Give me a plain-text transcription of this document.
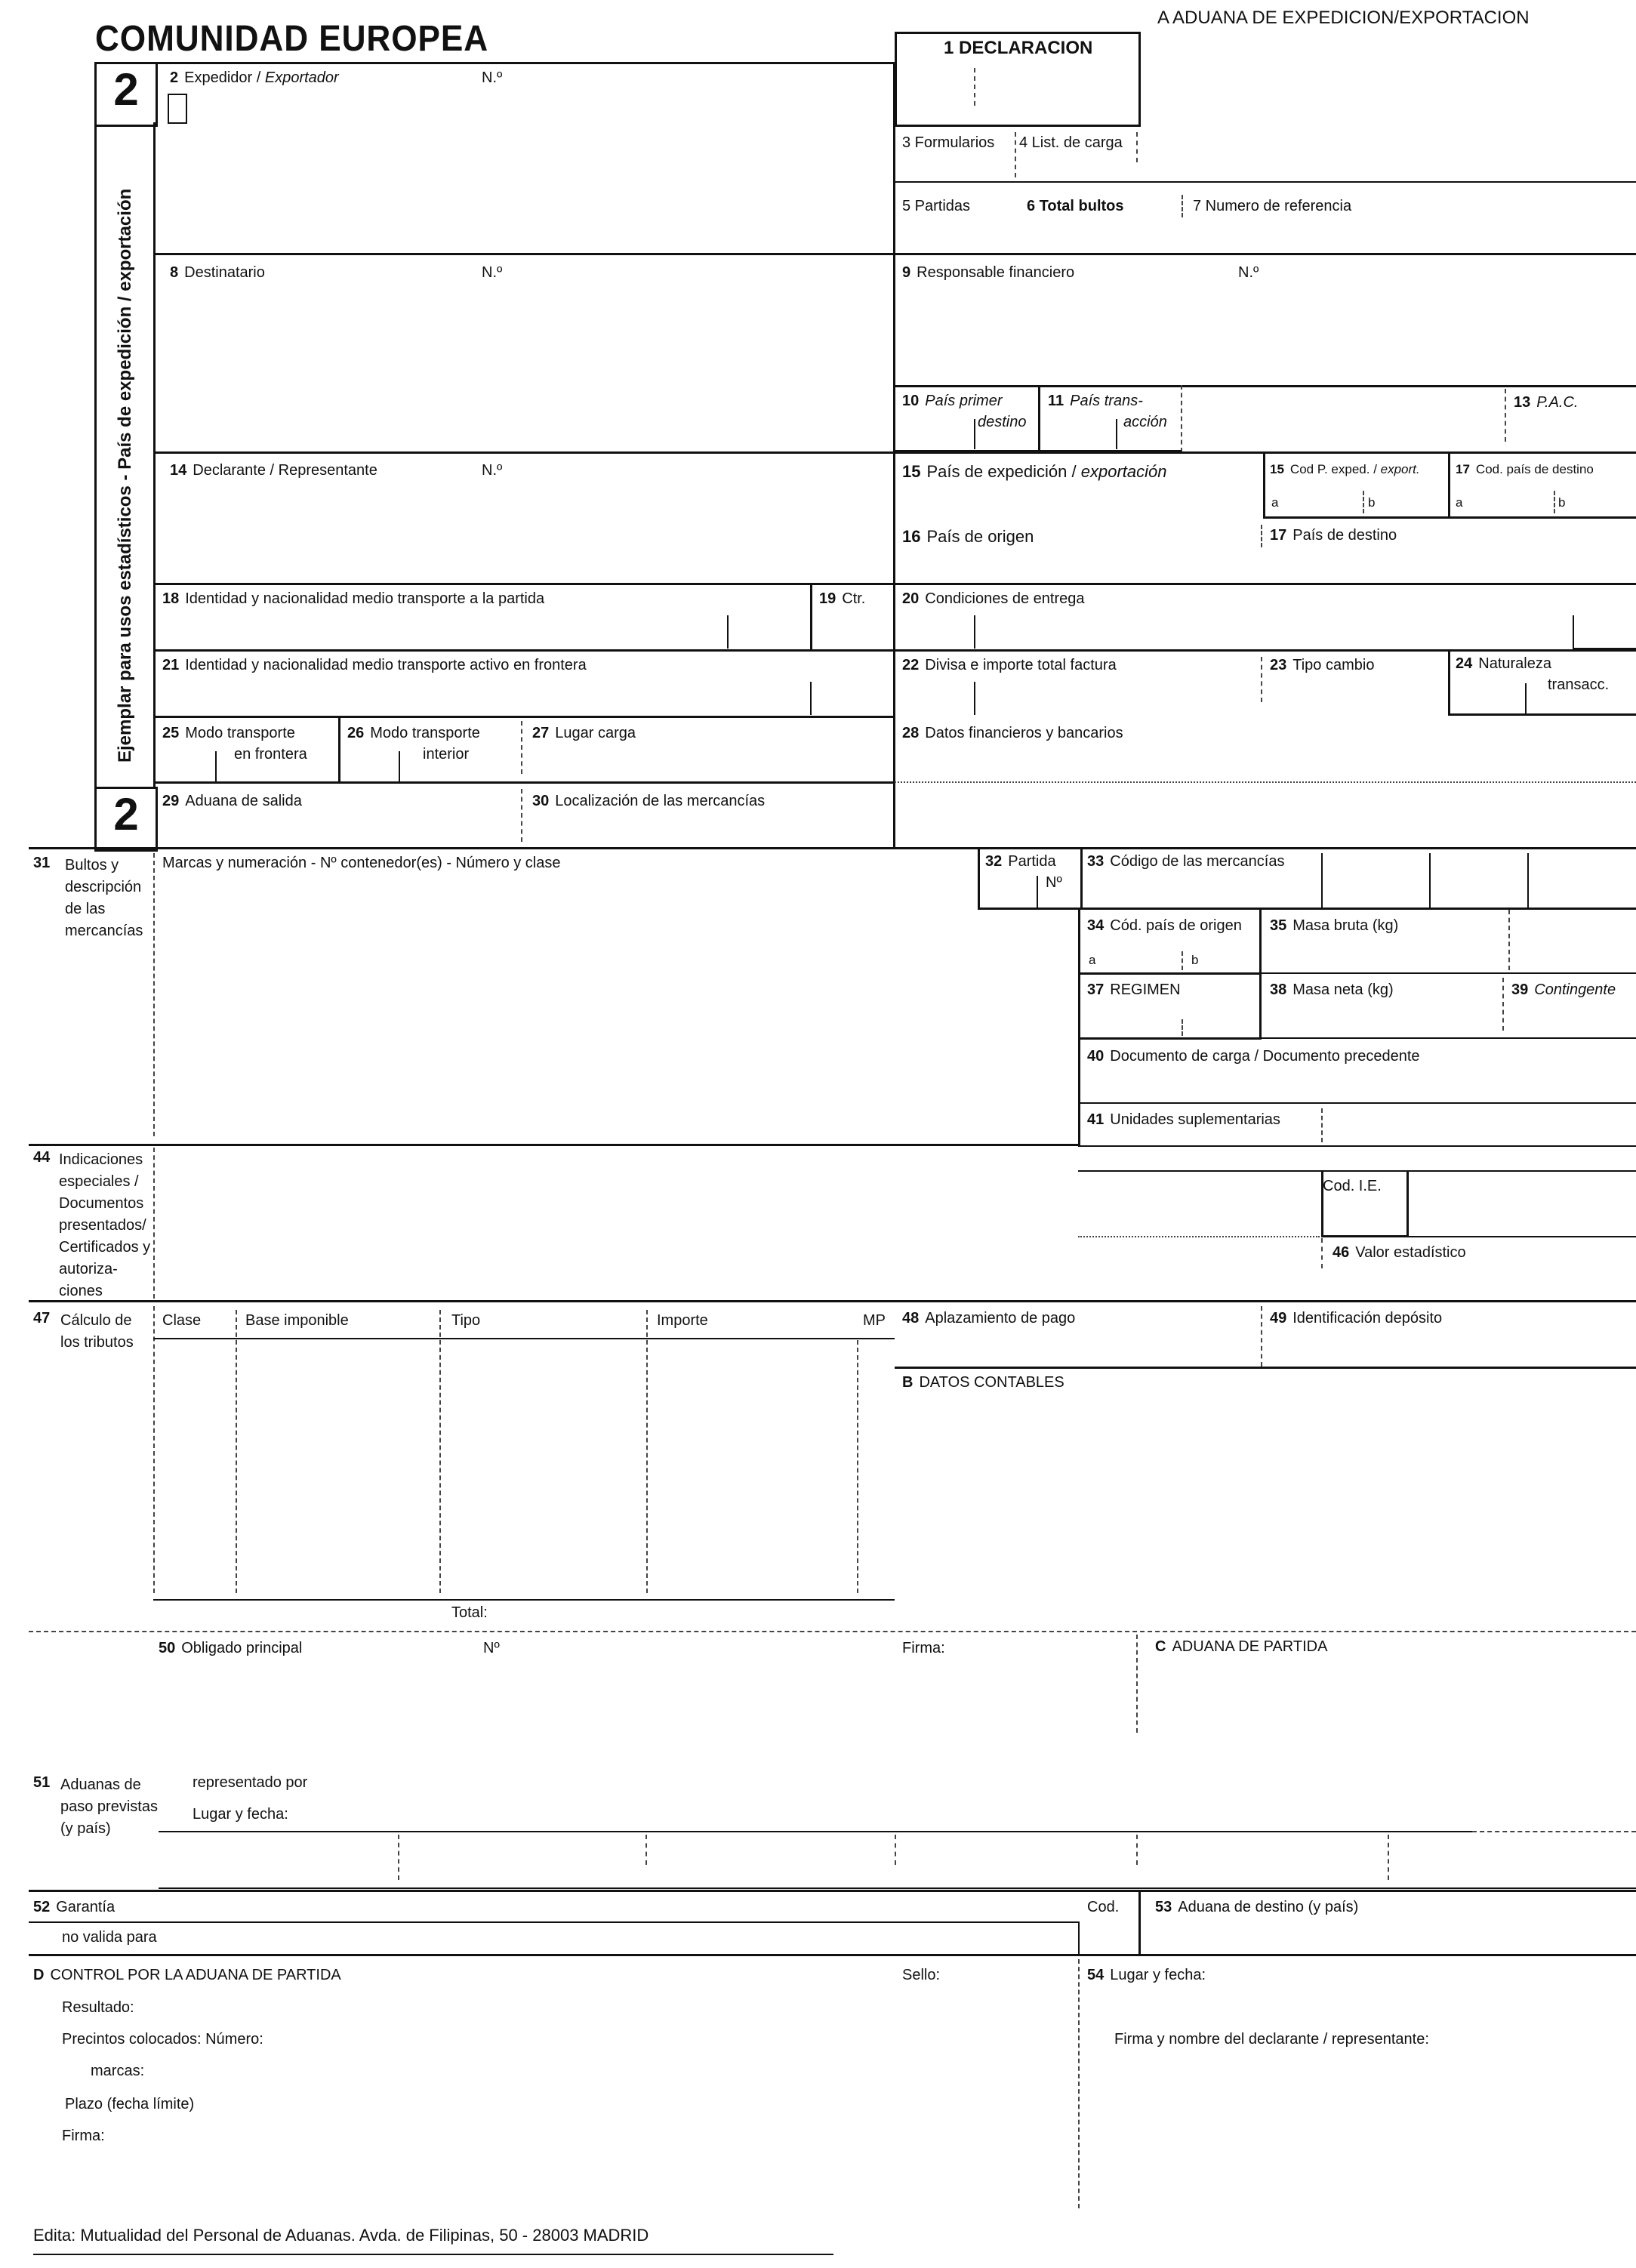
COMUNIDAD EUROPEA
A ADUANA DE EXPEDICION/EXPORTACION
2
Ejemplar para usos estadísticos - País de expedición / exportación
2
1 DECLARACION
2 Expedidor / Exportador	N.º
3 Formularios 4 List. de carga
5 Partidas	6 Total bultos	7 Numero de referencia
8 Destinatario	N.º	9 Responsable financiero	N.º
10 País primer
destino
11 País trans-
acción
13 P.A.C.
14 Declarante / Representante	N.º	15 País de expedición / exportación	15 Cod P. exped. / export.
a	b
17 Cod. país de destino
a	b
16 País de origen	17 País de destino
18 Identidad y nacionalidad medio transporte a la partida	19 Ctr. 20 Condiciones de entrega
21 Identidad y nacionalidad medio transporte activo en frontera	22 Divisa e importe total factura	23 Tipo cambio	24 Naturaleza
transacc.
25 Modo transporte
en frontera
26 Modo transporte
interior
27 Lugar carga	28 Datos financieros y bancarios
29 Aduana de salida	30 Localización de las mercancías
31 Bultos y descripción de las mercancías
Marcas y numeración - Nº contenedor(es) - Número y clase	32 Partida
Nº
33 Código de las mercancías
34 Cód. país de origen
a	b
35 Masa bruta (kg)
37 REGIMEN	38 Masa neta (kg)	39 Contingente
40 Documento de carga / Documento precedente
41 Unidades suplementarias
44 Indicaciones especiales / Documentos presentados/ Certificados y autoriza- ciones
Cod. I.E.
46 Valor estadístico
47 Cálculo de los tributos
Clase	Base imponible	Tipo	Importe	MP
Total:
48 Aplazamiento de pago	49 Identificación depósito
B DATOS CONTABLES
50 Obligado principal	Nº	Firma:	C ADUANA DE PARTIDA
51 Aduanas de paso previstas (y país)
representado por
Lugar y fecha:
52 Garantía
no valida para
Cod. 53 Aduana de destino (y país)
D CONTROL POR LA ADUANA DE PARTIDA	Sello:
Resultado:
Precintos colocados: Número:
marcas:
Plazo (fecha límite)
Firma:
54 Lugar y fecha:
Firma y nombre del declarante / representante:
Edita: Mutualidad del Personal de Aduanas. Avda. de Filipinas, 50 - 28003 MADRID
